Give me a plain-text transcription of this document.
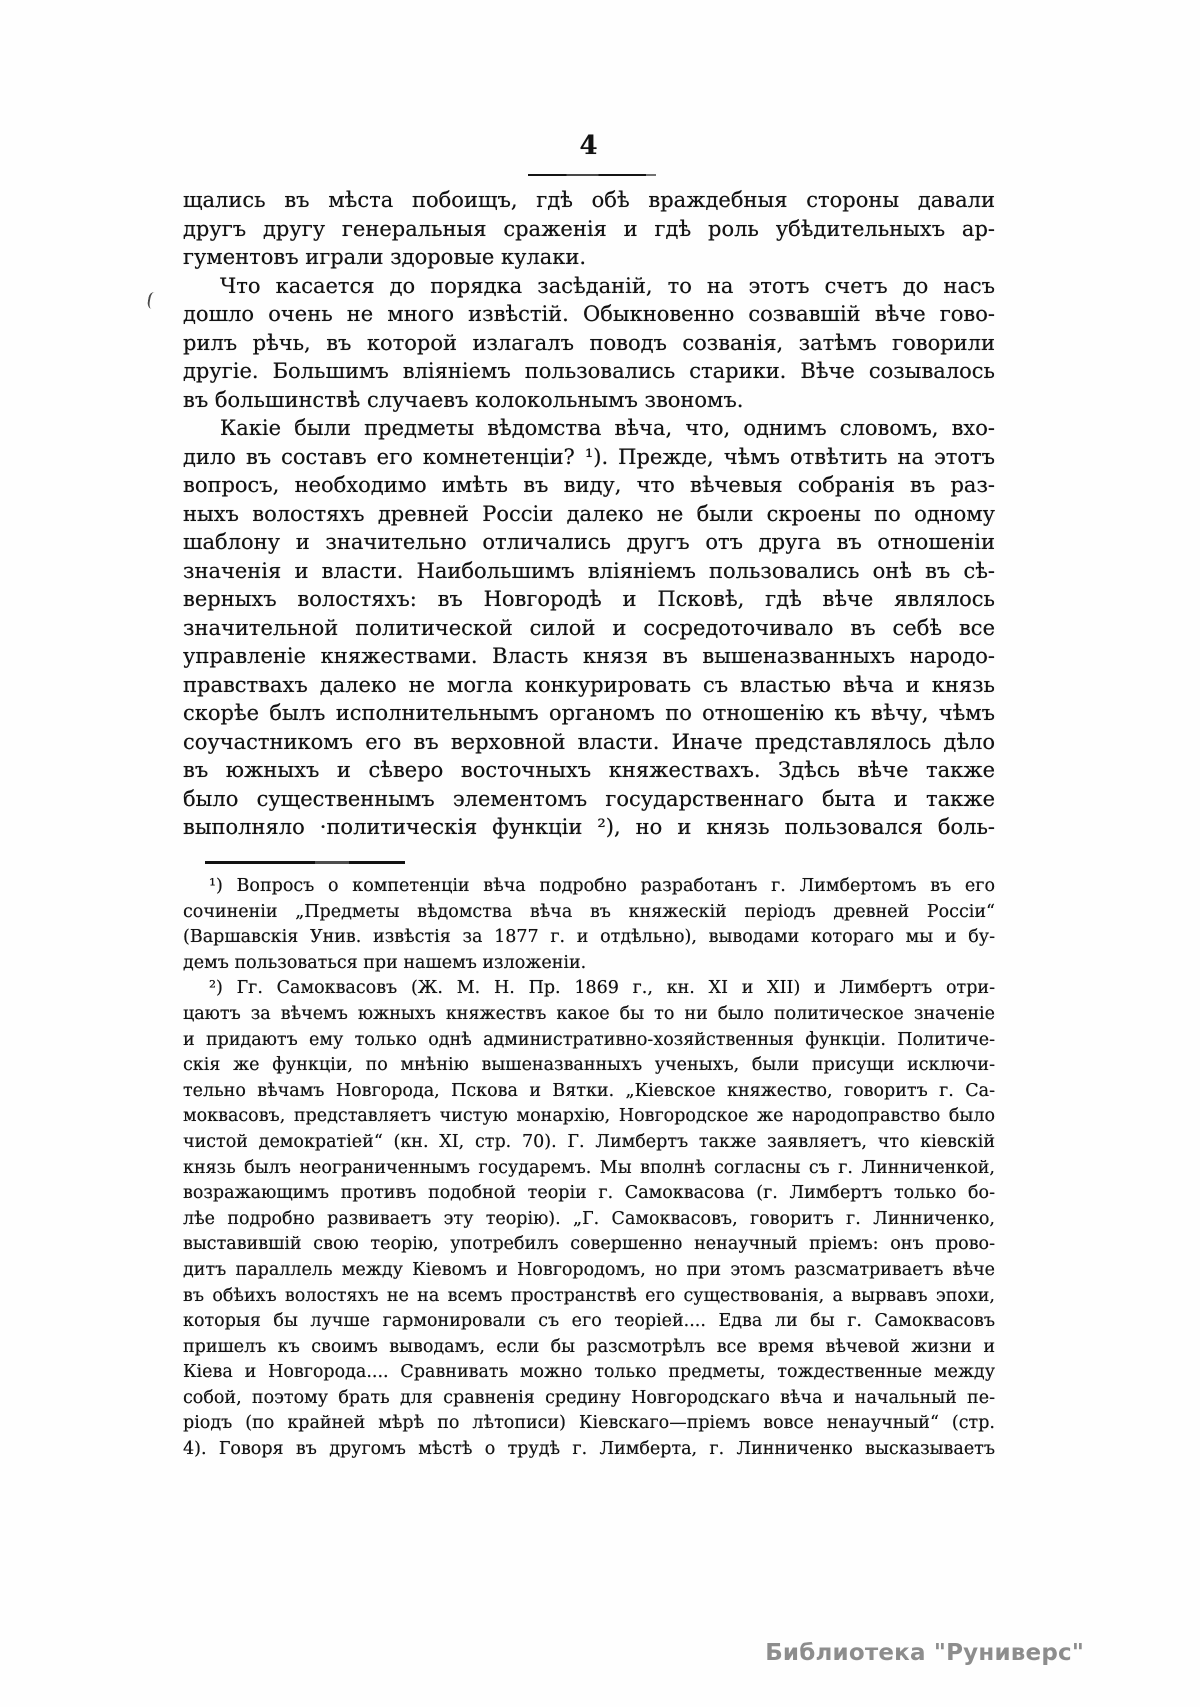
4
щались въ мѣста побоищъ, гдѣ обѣ враждебныя стороны давали
другъ другу генеральныя сраженія и гдѣ роль убѣдительныхъ ар-
гументовъ играли здоровые кулаки.
Что касается до порядка засѣданій, то на этотъ счетъ до насъ
дошло очень не много извѣстій. Обыкновенно созвавшій вѣче гово-
рилъ рѣчь, въ которой излагалъ поводъ созванія, затѣмъ говорили
другіе. Большимъ вліяніемъ пользовались старики. Вѣче созывалось
въ большинствѣ случаевъ колокольнымъ звономъ.
Какіе были предметы вѣдомства вѣча, что, однимъ словомъ, вхо-
дило въ составъ его комнетенціи? ¹). Прежде, чѣмъ отвѣтить на этотъ
вопросъ, необходимо имѣть въ виду, что вѣчевыя собранія въ раз-
ныхъ волостяхъ древней Россіи далеко не были скроены по одному
шаблону и значительно отличались другъ отъ друга въ отношеніи
значенія и власти. Наибольшимъ вліяніемъ пользовались онѣ въ сѣ-
верныхъ волостяхъ: въ Новгородѣ и Псковѣ, гдѣ вѣче являлось
значительной политической силой и сосредоточивало въ себѣ все
управленіе княжествами. Власть князя въ вышеназванныхъ народо-
правствахъ далеко не могла конкурировать съ властью вѣча и князь
скорѣе былъ исполнительнымъ органомъ по отношенію къ вѣчу, чѣмъ
соучастникомъ его въ верховной власти. Иначе представлялось дѣло
въ южныхъ и сѣверо восточныхъ княжествахъ. Здѣсь вѣче также
было существеннымъ элементомъ государственнаго быта и также
выполняло ·политическія функціи ²), но и князь пользовался боль-
¹) Вопросъ о компетенціи вѣча подробно разработанъ г. Лимбертомъ въ его
сочиненіи „Предметы вѣдомства вѣча въ княжескій періодъ древней Россіи“
(Варшавскія Унив. извѣстія за 1877 г. и отдѣльно), выводами котораго мы и бу-
демъ пользоваться при нашемъ изложеніи.
²) Гг. Самоквасовъ (Ж. М. Н. Пр. 1869 г., кн. XI и XII) и Лимбертъ отри-
цаютъ за вѣчемъ южныхъ княжествъ какое бы то ни было политическое значеніе
и придаютъ ему только однѣ административно-хозяйственныя функціи. Политиче-
скія же функціи, по мнѣнію вышеназванныхъ ученыхъ, были присущи исключи-
тельно вѣчамъ Новгорода, Пскова и Вятки. „Кіевское княжество, говоритъ г. Са-
моквасовъ, представляетъ чистую монархію, Новгородское же народоправство было
чистой демократіей“ (кн. XI, стр. 70). Г. Лимбертъ также заявляетъ, что кіевскій
князь былъ неограниченнымъ государемъ. Мы вполнѣ согласны съ г. Линниченкой,
возражающимъ противъ подобной теоріи г. Самоквасова (г. Лимбертъ только бо-
лѣе подробно развиваетъ эту теорію). „Г. Самоквасовъ, говоритъ г. Линниченко,
выставившій свою теорію, употребилъ совершенно ненаучный пріемъ: онъ прово-
дитъ параллель между Кіевомъ и Новгородомъ, но при этомъ разсматриваетъ вѣче
въ обѣихъ волостяхъ не на всемъ пространствѣ его существованія, а вырвавъ эпохи,
которыя бы лучше гармонировали съ его теоріей.... Едва ли бы г. Самоквасовъ
пришелъ къ своимъ выводамъ, если бы разсмотрѣлъ все время вѣчевой жизни и
Кіева и Новгорода.... Сравнивать можно только предметы, тождественные между
собой, поэтому брать для сравненія средину Новгородскаго вѣча и начальный пе-
ріодъ (по крайней мѣрѣ по лѣтописи) Кіевскаго—пріемъ вовсе ненаучный“ (стр.
4). Говоря въ другомъ мѣстѣ о трудѣ г. Лимберта, г. Линниченко высказываетъ
Библиотека "Руниверс"
